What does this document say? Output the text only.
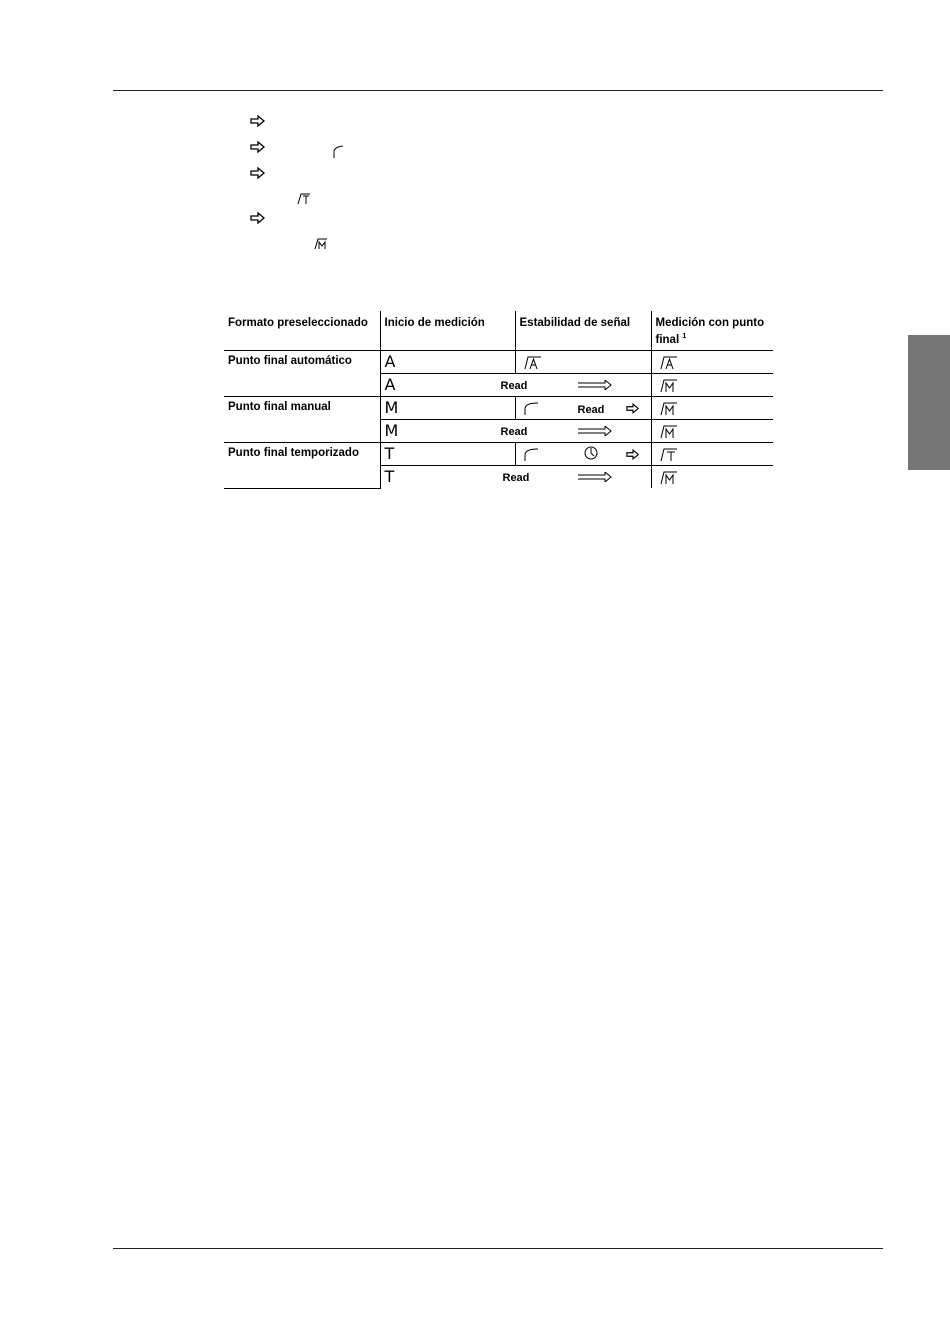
Formato preseleccionado	Inicio de medición	Estabilidad de señal	Medición con punto final $^1$
Punto final automático	A	

	A Read

Punto final manual	M	Read

	M Read

Punto final temporizado	T	

	T Read
